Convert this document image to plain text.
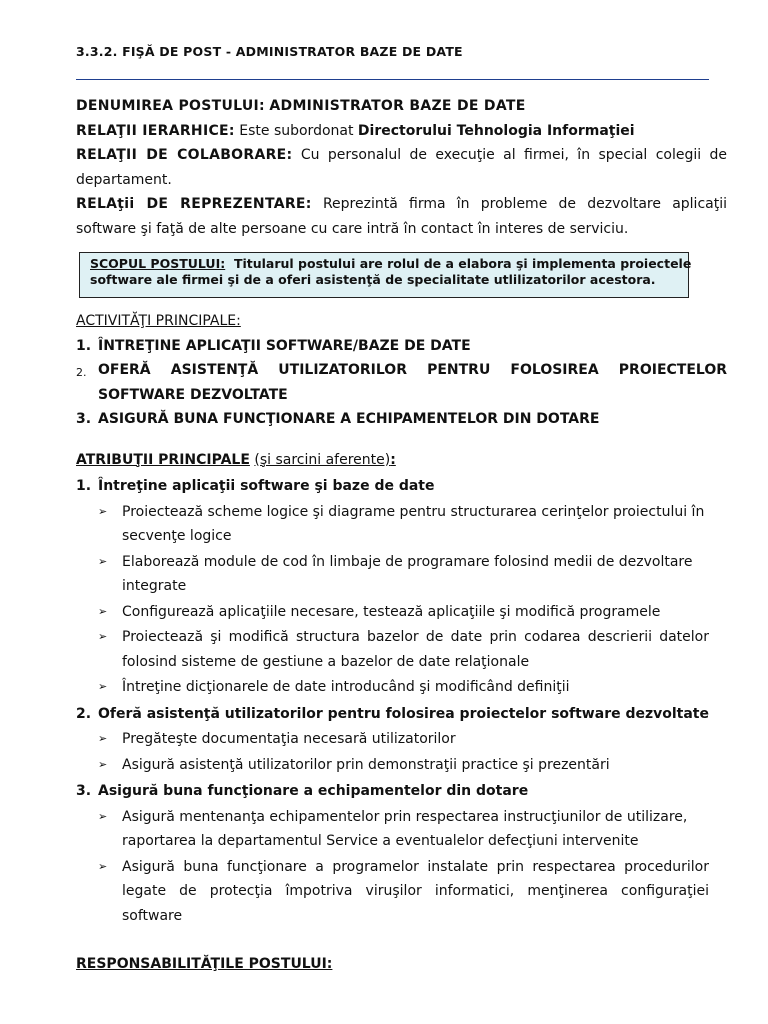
3.3.2. FIŞĂ DE POST - ADMINISTRATOR BAZE DE DATE
DENUMIREA POSTULUI: ADMINISTRATOR BAZE DE DATE
RELAŢII IERARHICE: Este subordonat Directorului Tehnologia Informaţiei
RELAŢII DE COLABORARE: Cu personalul de execuţie al firmei, în special colegii de departament.
RELAţii DE REPREZENTARE: Reprezintă firma în probleme de dezvoltare aplicaţii software şi faţă de alte persoane cu care intră în contact în interes de serviciu.
SCOPUL POSTULUI: Titularul postului are rolul de a elabora şi implementa proiectele
software ale firmei şi de a oferi asistenţă de specialitate utlilizatorilor acestora.
ACTIVITĂŢI PRINCIPALE:
1. ÎNTREŢINE APLICAŢII SOFTWARE/BAZE DE DATE
2. OFERĂ ASISTENŢĂ UTILIZATORILOR PENTRU FOLOSIREA PROIECTELOR SOFTWARE DEZVOLTATE
3. ASIGURĂ BUNA FUNCŢIONARE A ECHIPAMENTELOR DIN DOTARE
ATRIBUŢII PRINCIPALE (şi sarcini aferente):
1. Întreţine aplicaţii software şi baze de date
➢	Proiectează scheme logice şi diagrame pentru structurarea cerinţelor proiectului în secvenţe logice
➢	Elaborează module de cod în limbaje de programare folosind medii de dezvoltare integrate
➢	Configurează aplicaţiile necesare, testează aplicaţiile şi modifică programele
➢	Proiectează şi modifică structura bazelor de date prin codarea descrierii datelor folosind sisteme de gestiune a bazelor de date relaţionale
➢	Întreţine dicţionarele de date introducând şi modificând definiţii
2. Oferă asistenţă utilizatorilor pentru folosirea proiectelor software dezvoltate
➢	Pregăteşte documentaţia necesară utilizatorilor
➢	Asigură asistenţă utilizatorilor prin demonstraţii practice şi prezentări
3. Asigură buna funcţionare a echipamentelor din dotare
➢	Asigură mentenanţa echipamentelor prin respectarea instrucţiunilor de utilizare, raportarea la departamentul Service a eventualelor defecţiuni intervenite
➢	Asigură buna funcţionare a programelor instalate prin respectarea procedurilor legate de protecţia împotriva viruşilor informatici, menţinerea configuraţiei software
RESPONSABILITĂŢILE POSTULUI:
